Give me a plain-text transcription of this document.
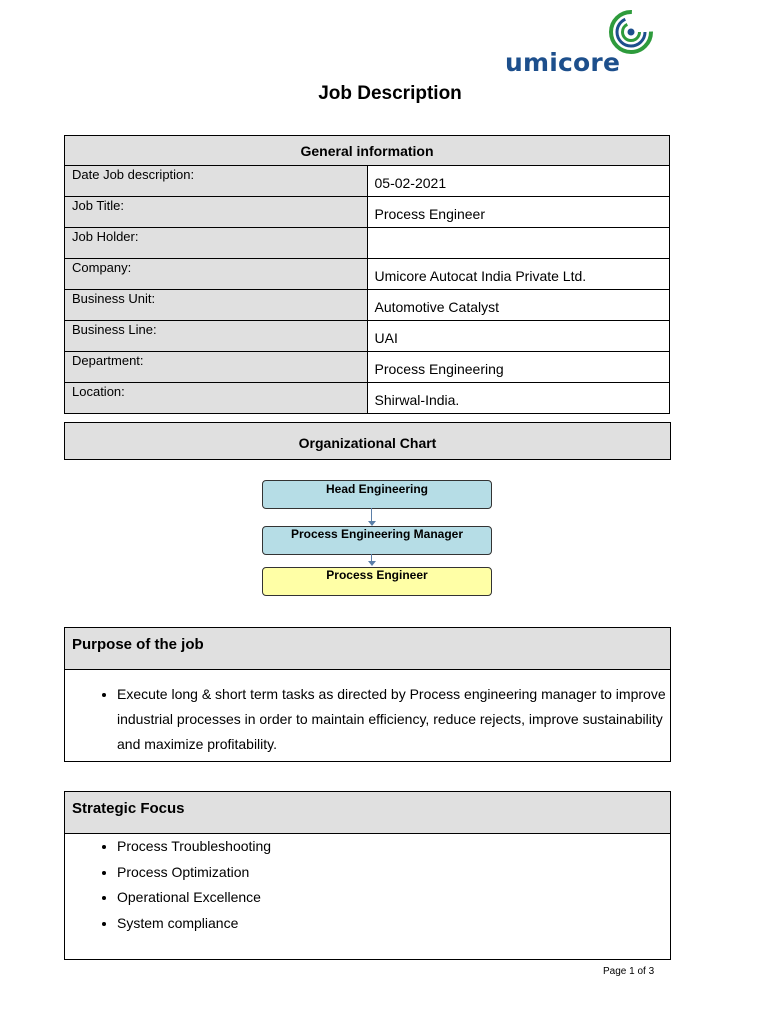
umicore
Job Description
General information	
Date Job description:	05-02-2021
Job Title:	Process Engineer
Job Holder:	
Company:	Umicore Autocat India Private Ltd.
Business Unit:	Automotive Catalyst
Business Line:	UAI
Department:	Process Engineering
Location:	Shirwal-India.
Organizational Chart
Head Engineering
Process Engineering Manager
Process Engineer
Purpose of the job
• Execute long & short term tasks as directed by Process engineering manager to improve industrial processes in order to maintain efficiency, reduce rejects, improve sustainability and maximize profitability.
Strategic Focus
• Process Troubleshooting
• Process Optimization
• Operational Excellence
• System compliance
Page 1 of 3
